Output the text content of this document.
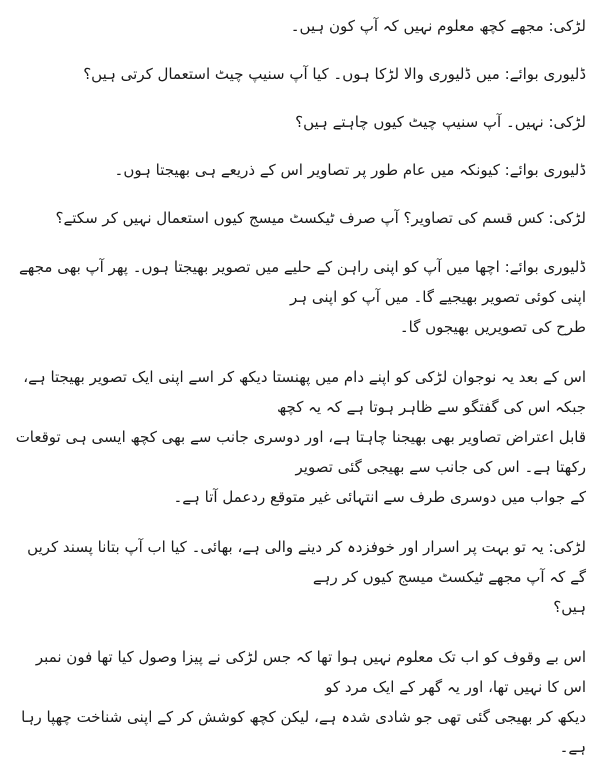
لڑکی: مجھے کچھ معلوم نہیں کہ آپ کون ہیں۔

ڈلیوری بوائے: میں ڈلیوری والا لڑکا ہوں۔ کیا آپ سنیپ چیٹ استعمال کرتی ہیں؟

لڑکی: نہیں۔ آپ سنیپ چیٹ کیوں چاہتے ہیں؟

ڈلیوری بوائے: کیونکہ میں عام طور پر تصاویر اس کے ذریعے ہی بھیجتا ہوں۔

لڑکی: کس قسم کی تصاویر؟ آپ صرف ٹیکسٹ میسج کیوں استعمال نہیں کر سکتے؟

ڈلیوری بوائے: اچھا میں آپ کو اپنی راہن کے حلیے میں تصویر بھیجتا ہوں۔ پھر آپ بھی مجھے اپنی کوئی تصویر بھیجیے گا۔ میں آپ کو اپنی ہر
طرح کی تصویریں بھیجوں گا۔

اس کے بعد یہ نوجوان لڑکی کو اپنے دام میں پھنستا دیکھ کر اسے اپنی ایک تصویر بھیجتا ہے، جبکہ اس کی گفتگو سے ظاہر ہوتا ہے کہ یہ کچھ
قابل اعتراض تصاویر بھی بھیجنا چاہتا ہے، اور دوسری جانب سے بھی کچھ ایسی ہی توقعات رکھتا ہے۔ اس کی جانب سے بھیجی گئی تصویر
کے جواب میں دوسری طرف سے انتہائی غیر متوقع ردعمل آتا ہے۔

لڑکی: یہ تو بہت پر اسرار اور خوفزدہ کر دینے والی ہے، بھائی۔ کیا اب آپ بتانا پسند کریں گے کہ آپ مجھے ٹیکسٹ میسج کیوں کر رہے
ہیں؟

اس بے وقوف کو اب تک معلوم نہیں ہوا تھا کہ جس لڑکی نے پیزا وصول کیا تھا فون نمبر اس کا نہیں تھا، اور یہ گھر کے ایک مرد کو
دیکھ کر بھیجی گئی تھی جو شادی شدہ ہے، لیکن کچھ کوشش کر کے اپنی شناخت چھپا رہا ہے۔
